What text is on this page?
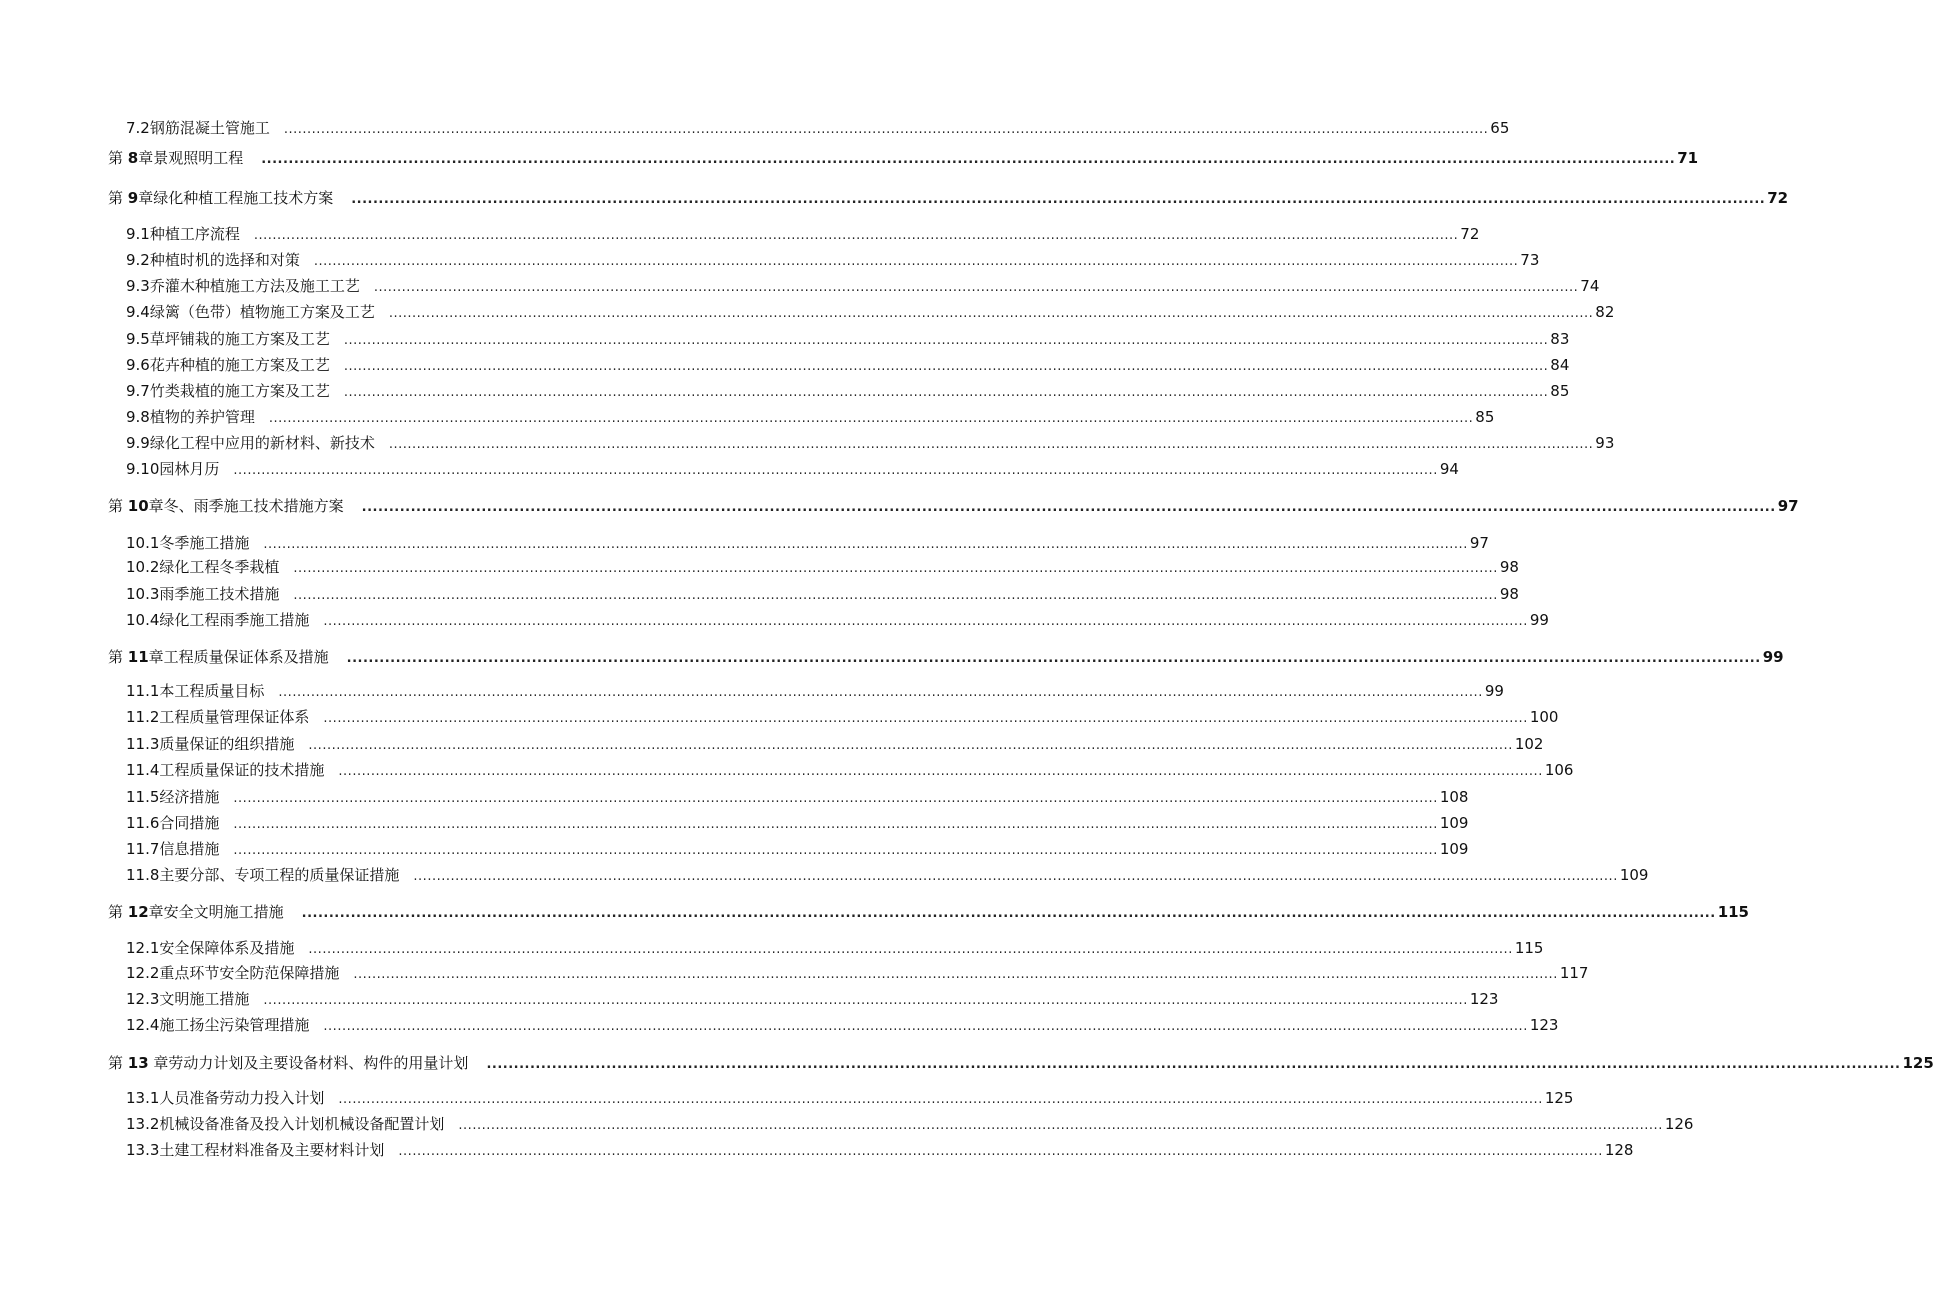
7.2钢筋混凝土管施工 .................................................................................................................................................................................................................................................................... 65
第 8章景观照明工程 .................................................................................................................................................................................................................................................................... 71
第 9章绿化种植工程施工技术方案 .................................................................................................................................................................................................................................................................... 72
9.1种植工序流程 .................................................................................................................................................................................................................................................................... 72
9.2种植时机的选择和对策 .................................................................................................................................................................................................................................................................... 73
9.3乔灌木种植施工方法及施工工艺 .................................................................................................................................................................................................................................................................... 74
9.4绿篱（色带）植物施工方案及工艺 .................................................................................................................................................................................................................................................................... 82
9.5草坪铺栽的施工方案及工艺 .................................................................................................................................................................................................................................................................... 83
9.6花卉种植的施工方案及工艺 .................................................................................................................................................................................................................................................................... 84
9.7竹类栽植的施工方案及工艺 .................................................................................................................................................................................................................................................................... 85
9.8植物的养护管理 .................................................................................................................................................................................................................................................................... 85
9.9绿化工程中应用的新材料、新技术 .................................................................................................................................................................................................................................................................... 93
9.10园林月历 .................................................................................................................................................................................................................................................................... 94
第 10章冬、雨季施工技术措施方案 .................................................................................................................................................................................................................................................................... 97
10.1冬季施工措施 .................................................................................................................................................................................................................................................................... 97
10.2绿化工程冬季栽植 .................................................................................................................................................................................................................................................................... 98
10.3雨季施工技术措施 .................................................................................................................................................................................................................................................................... 98
10.4绿化工程雨季施工措施 .................................................................................................................................................................................................................................................................... 99
第 11章工程质量保证体系及措施 .................................................................................................................................................................................................................................................................... 99
11.1本工程质量目标 .................................................................................................................................................................................................................................................................... 99
11.2工程质量管理保证体系 .................................................................................................................................................................................................................................................................... 100
11.3质量保证的组织措施 .................................................................................................................................................................................................................................................................... 102
11.4工程质量保证的技术措施 .................................................................................................................................................................................................................................................................... 106
11.5经济措施 .................................................................................................................................................................................................................................................................... 108
11.6合同措施 .................................................................................................................................................................................................................................................................... 109
11.7信息措施 .................................................................................................................................................................................................................................................................... 109
11.8主要分部、专项工程的质量保证措施 .................................................................................................................................................................................................................................................................... 109
第 12章安全文明施工措施 .................................................................................................................................................................................................................................................................... 115
12.1安全保障体系及措施 .................................................................................................................................................................................................................................................................... 115
12.2重点环节安全防范保障措施 .................................................................................................................................................................................................................................................................... 117
12.3文明施工措施 .................................................................................................................................................................................................................................................................... 123
12.4施工扬尘污染管理措施 .................................................................................................................................................................................................................................................................... 123
第 13 章劳动力计划及主要设备材料、构件的用量计划 .................................................................................................................................................................................................................................................................... 125
13.1人员准备劳动力投入计划 .................................................................................................................................................................................................................................................................... 125
13.2机械设备准备及投入计划机械设备配置计划 .................................................................................................................................................................................................................................................................... 126
13.3土建工程材料准备及主要材料计划 .................................................................................................................................................................................................................................................................... 128
